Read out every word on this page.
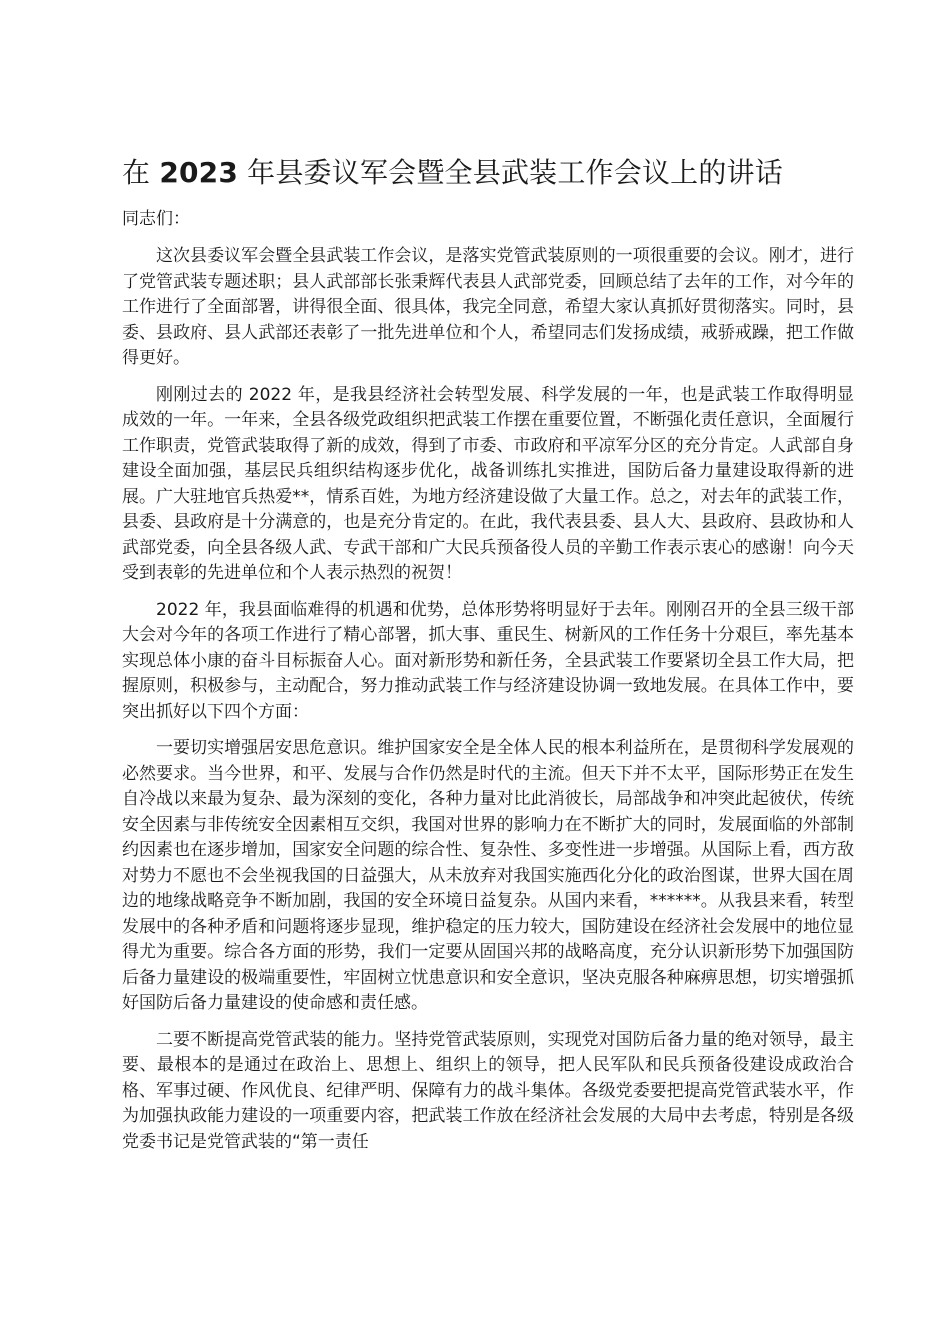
在 2023 年县委议军会暨全县武装工作会议上的讲话

同志们：

这次县委议军会暨全县武装工作会议，是落实党管武装原则的一项很重要的会议。刚才，进行了党管武装专题述职；县人武部部长张秉辉代表县人武部党委，回顾总结了去年的工作，对今年的工作进行了全面部署，讲得很全面、很具体，我完全同意，希望大家认真抓好贯彻落实。同时，县委、县政府、县人武部还表彰了一批先进单位和个人，希望同志们发扬成绩，戒骄戒躁，把工作做得更好。

刚刚过去的 2022 年，是我县经济社会转型发展、科学发展的一年，也是武装工作取得明显成效的一年。一年来，全县各级党政组织把武装工作摆在重要位置，不断强化责任意识，全面履行工作职责，党管武装取得了新的成效，得到了市委、市政府和平凉军分区的充分肯定。人武部自身建设全面加强，基层民兵组织结构逐步优化，战备训练扎实推进，国防后备力量建设取得新的进展。广大驻地官兵热爱**，情系百姓，为地方经济建设做了大量工作。总之，对去年的武装工作，县委、县政府是十分满意的，也是充分肯定的。在此，我代表县委、县人大、县政府、县政协和人武部党委，向全县各级人武、专武干部和广大民兵预备役人员的辛勤工作表示衷心的感谢！向今天受到表彰的先进单位和个人表示热烈的祝贺！

2022 年，我县面临难得的机遇和优势，总体形势将明显好于去年。刚刚召开的全县三级干部大会对今年的各项工作进行了精心部署，抓大事、重民生、树新风的工作任务十分艰巨，率先基本实现总体小康的奋斗目标振奋人心。面对新形势和新任务，全县武装工作要紧切全县工作大局，把握原则，积极参与，主动配合，努力推动武装工作与经济建设协调一致地发展。在具体工作中，要突出抓好以下四个方面：

一要切实增强居安思危意识。维护国家安全是全体人民的根本利益所在，是贯彻科学发展观的必然要求。当今世界，和平、发展与合作仍然是时代的主流。但天下并不太平，国际形势正在发生自冷战以来最为复杂、最为深刻的变化，各种力量对比此消彼长，局部战争和冲突此起彼伏，传统安全因素与非传统安全因素相互交织，我国对世界的影响力在不断扩大的同时，发展面临的外部制约因素也在逐步增加，国家安全问题的综合性、复杂性、多变性进一步增强。从国际上看，西方敌对势力不愿也不会坐视我国的日益强大，从未放弃对我国实施西化分化的政治图谋，世界大国在周边的地缘战略竞争不断加剧，我国的安全环境日益复杂。从国内来看，******。从我县来看，转型发展中的各种矛盾和问题将逐步显现，维护稳定的压力较大，国防建设在经济社会发展中的地位显得尤为重要。综合各方面的形势，我们一定要从固国兴邦的战略高度，充分认识新形势下加强国防后备力量建设的极端重要性，牢固树立忧患意识和安全意识，坚决克服各种麻痹思想，切实增强抓好国防后备力量建设的使命感和责任感。

二要不断提高党管武装的能力。坚持党管武装原则，实现党对国防后备力量的绝对领导，最主要、最根本的是通过在政治上、思想上、组织上的领导，把人民军队和民兵预备役建设成政治合格、军事过硬、作风优良、纪律严明、保障有力的战斗集体。各级党委要把提高党管武装水平，作为加强执政能力建设的一项重要内容，把武装工作放在经济社会发展的大局中去考虑，特别是各级党委书记是党管武装的“第一责任
